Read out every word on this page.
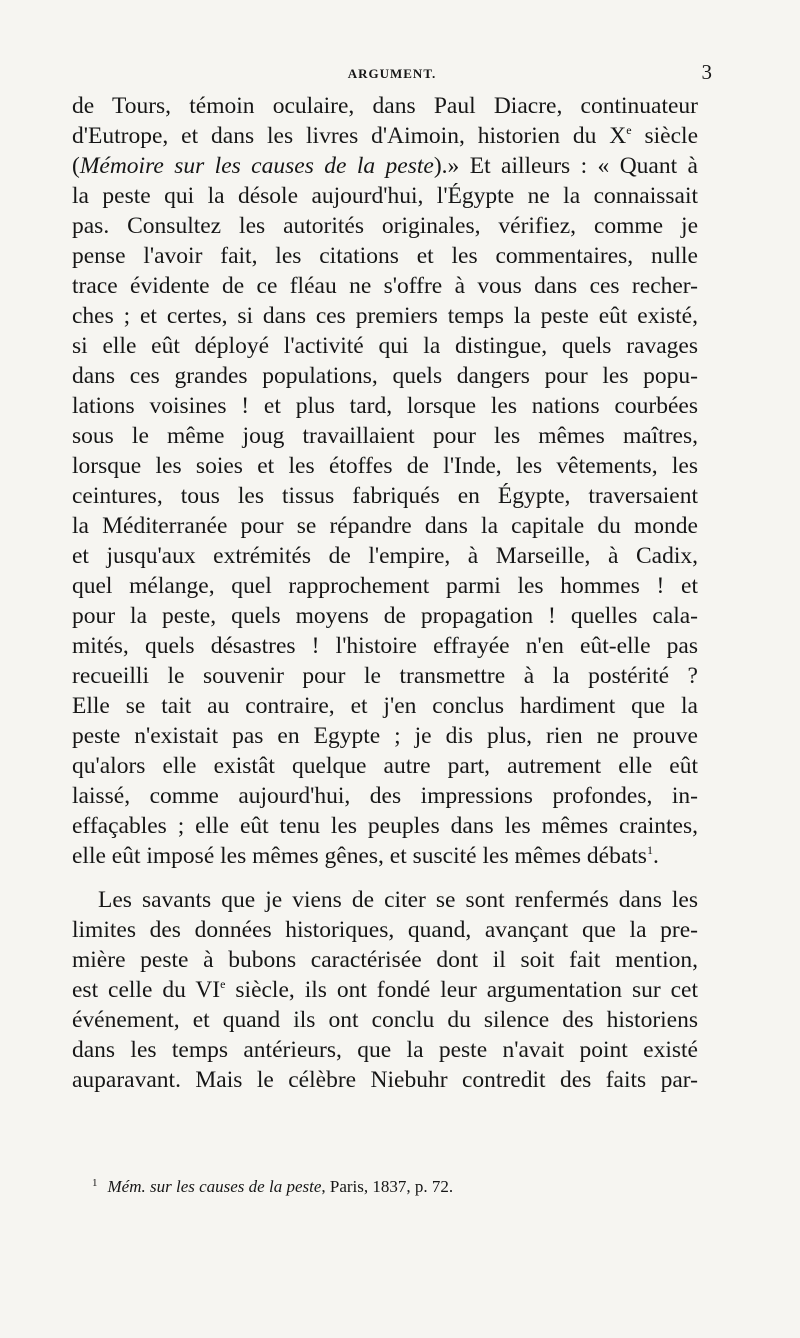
ARGUMENT.	3
de Tours, témoin oculaire, dans Paul Diacre, continuateur
d'Eutrope, et dans les livres d'Aimoin, historien du Xe siècle
(Mémoire sur les causes de la peste).» Et ailleurs : « Quant à
la peste qui la désole aujourd'hui, l'Égypte ne la connaissait
pas. Consultez les autorités originales, vérifiez, comme je
pense l'avoir fait, les citations et les commentaires, nulle
trace évidente de ce fléau ne s'offre à vous dans ces recher-
ches ; et certes, si dans ces premiers temps la peste eût existé,
si elle eût déployé l'activité qui la distingue, quels ravages
dans ces grandes populations, quels dangers pour les popu-
lations voisines ! et plus tard, lorsque les nations courbées
sous le même joug travaillaient pour les mêmes maîtres,
lorsque les soies et les étoffes de l'Inde, les vêtements, les
ceintures, tous les tissus fabriqués en Égypte, traversaient
la Méditerranée pour se répandre dans la capitale du monde
et jusqu'aux extrémités de l'empire, à Marseille, à Cadix,
quel mélange, quel rapprochement parmi les hommes ! et
pour la peste, quels moyens de propagation ! quelles cala-
mités, quels désastres ! l'histoire effrayée n'en eût-elle pas
recueilli le souvenir pour le transmettre à la postérité ?
Elle se tait au contraire, et j'en conclus hardiment que la
peste n'existait pas en Egypte ; je dis plus, rien ne prouve
qu'alors elle existât quelque autre part, autrement elle eût
laissé, comme aujourd'hui, des impressions profondes, in-
effaçables ; elle eût tenu les peuples dans les mêmes craintes,
elle eût imposé les mêmes gênes, et suscité les mêmes débats$^1$.
Les savants que je viens de citer se sont renfermés dans les
limites des données historiques, quand, avançant que la pre-
mière peste à bubons caractérisée dont il soit fait mention,
est celle du VIe siècle, ils ont fondé leur argumentation sur cet
événement, et quand ils ont conclu du silence des historiens
dans les temps antérieurs, que la peste n'avait point existé
auparavant. Mais le célèbre Niebuhr contredit des faits par-
$^1$ Mém. sur les causes de la peste, Paris, 1837, p. 72.
